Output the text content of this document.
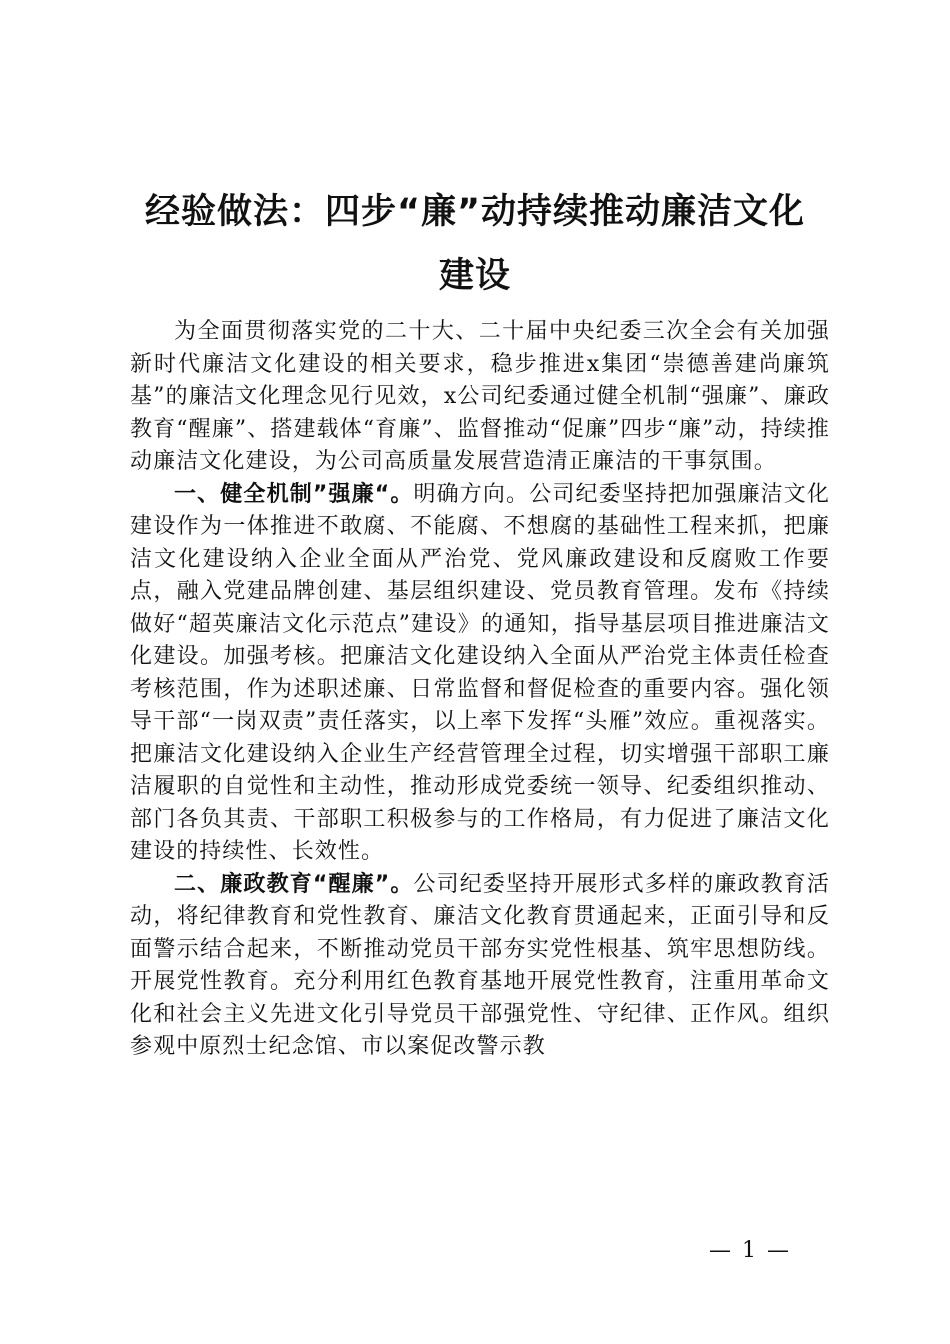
经验做法：四步“廉”动持续推动廉洁文化
建设

为全面贯彻落实党的二十大、二十届中央纪委三次全会有关加强新时代廉洁文化建设的相关要求，稳步推进x集团“崇德善建尚廉筑基”的廉洁文化理念见行见效，x公司纪委通过健全机制“强廉”、廉政教育“醒廉”、搭建载体“育廉”、监督推动“促廉”四步“廉”动，持续推动廉洁文化建设，为公司高质量发展营造清正廉洁的干事氛围。

一、健全机制”强廉“。明确方向。公司纪委坚持把加强廉洁文化建设作为一体推进不敢腐、不能腐、不想腐的基础性工程来抓，把廉洁文化建设纳入企业全面从严治党、党风廉政建设和反腐败工作要点，融入党建品牌创建、基层组织建设、党员教育管理。发布《持续做好“超英廉洁文化示范点”建设》的通知，指导基层项目推进廉洁文化建设。加强考核。把廉洁文化建设纳入全面从严治党主体责任检查考核范围，作为述职述廉、日常监督和督促检查的重要内容。强化领导干部“一岗双责”责任落实，以上率下发挥“头雁”效应。重视落实。把廉洁文化建设纳入企业生产经营管理全过程，切实增强干部职工廉洁履职的自觉性和主动性，推动形成党委统一领导、纪委组织推动、部门各负其责、干部职工积极参与的工作格局，有力促进了廉洁文化建设的持续性、长效性。

二、廉政教育“醒廉”。公司纪委坚持开展形式多样的廉政教育活动，将纪律教育和党性教育、廉洁文化教育贯通起来，正面引导和反面警示结合起来，不断推动党员干部夯实党性根基、筑牢思想防线。开展党性教育。充分利用红色教育基地开展党性教育，注重用革命文化和社会主义先进文化引导党员干部强党性、守纪律、正作风。组织参观中原烈士纪念馆、市以案促改警示教

— 1 —
